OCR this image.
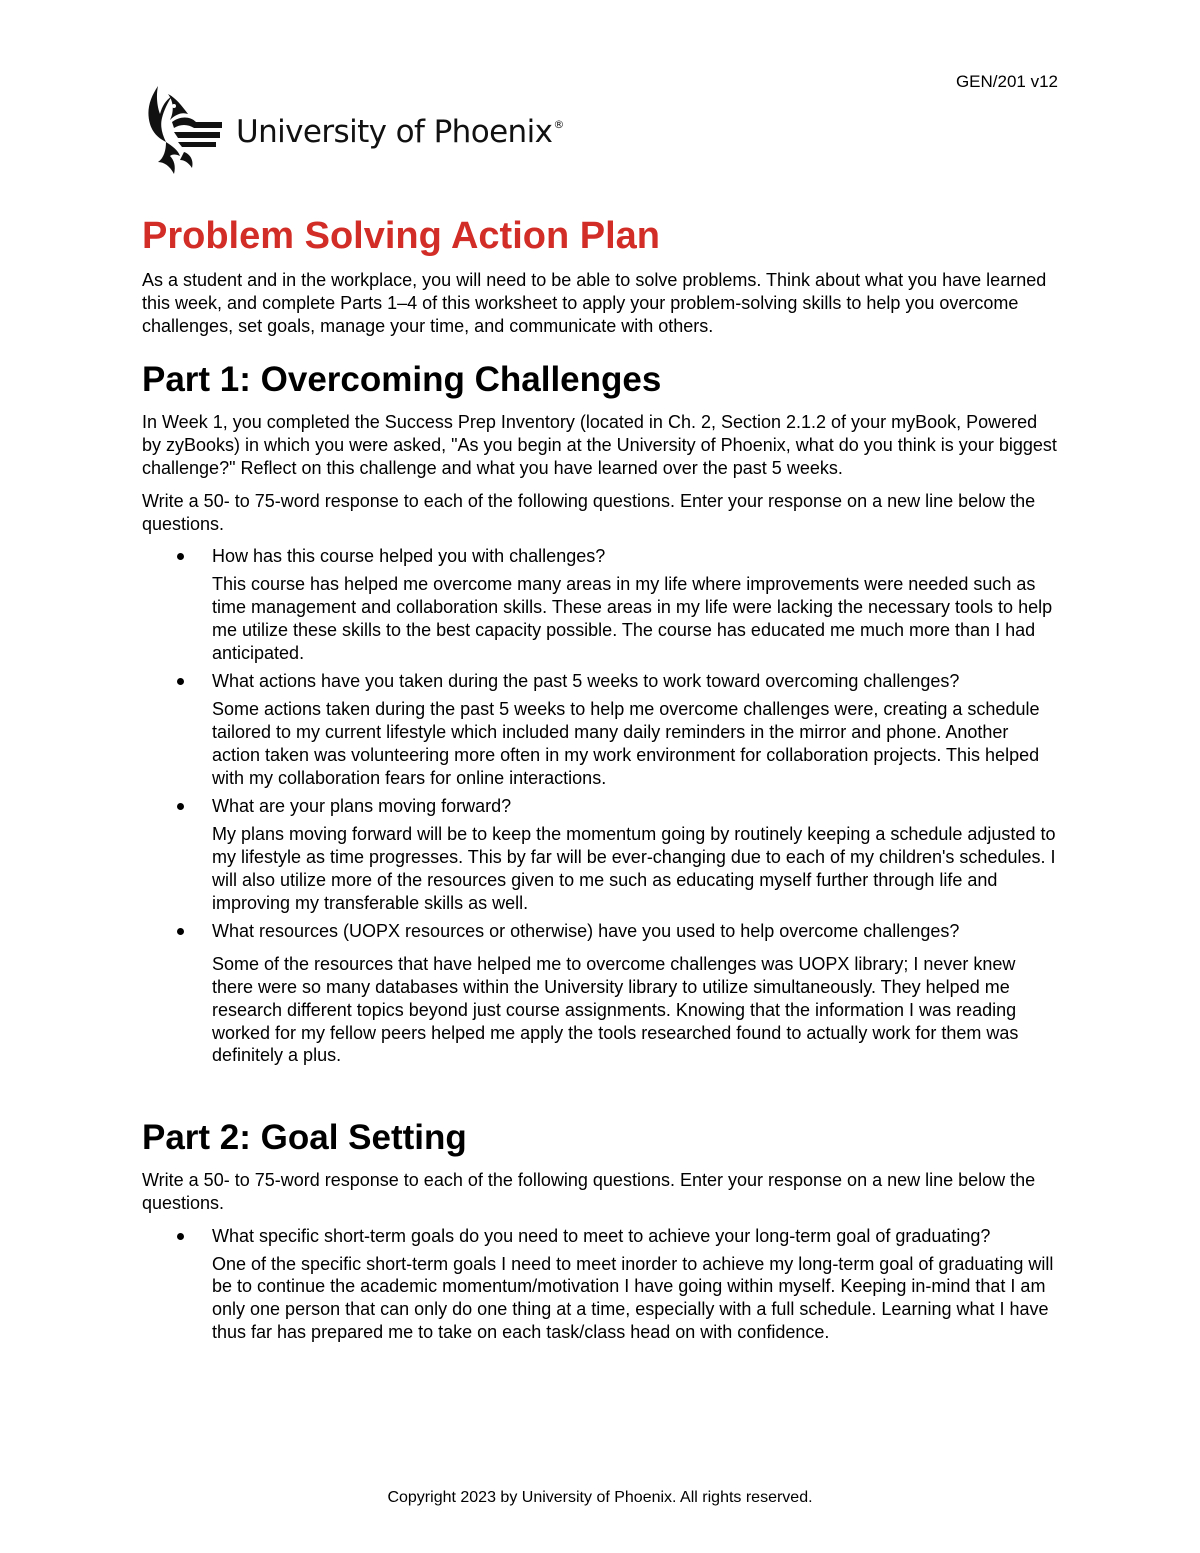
GEN/201 v12
University of Phoenix®
Problem Solving Action Plan

As a student and in the workplace, you will need to be able to solve problems. Think about what you have learned this week, and complete Parts 1–4 of this worksheet to apply your problem-solving skills to help you overcome challenges, set goals, manage your time, and communicate with others.

Part 1: Overcoming Challenges

In Week 1, you completed the Success Prep Inventory (located in Ch. 2, Section 2.1.2 of your myBook, Powered by zyBooks) in which you were asked, "As you begin at the University of Phoenix, what do you think is your biggest challenge?" Reflect on this challenge and what you have learned over the past 5 weeks.

Write a 50- to 75-word response to each of the following questions. Enter your response on a new line below the questions.

How has this course helped you with challenges?
This course has helped me overcome many areas in my life where improvements were needed such as time management and collaboration skills. These areas in my life were lacking the necessary tools to help me utilize these skills to the best capacity possible. The course has educated me much more than I had anticipated.
What actions have you taken during the past 5 weeks to work toward overcoming challenges?
Some actions taken during the past 5 weeks to help me overcome challenges were, creating a schedule tailored to my current lifestyle which included many daily reminders in the mirror and phone. Another action taken was volunteering more often in my work environment for collaboration projects. This helped with my collaboration fears for online interactions.
What are your plans moving forward?
My plans moving forward will be to keep the momentum going by routinely keeping a schedule adjusted to my lifestyle as time progresses. This by far will be ever-changing due to each of my children's schedules. I will also utilize more of the resources given to me such as educating myself further through life and improving my transferable skills as well.
What resources (UOPX resources or otherwise) have you used to help overcome challenges?
Some of the resources that have helped me to overcome challenges was UOPX library; I never knew there were so many databases within the University library to utilize simultaneously. They helped me research different topics beyond just course assignments. Knowing that the information I was reading worked for my fellow peers helped me apply the tools researched found to actually work for them was definitely a plus.
Part 2: Goal Setting

Write a 50- to 75-word response to each of the following questions. Enter your response on a new line below the questions.

What specific short-term goals do you need to meet to achieve your long-term goal of graduating?
One of the specific short-term goals I need to meet inorder to achieve my long-term goal of graduating will be to continue the academic momentum/motivation I have going within myself. Keeping in-mind that I am only one person that can only do one thing at a time, especially with a full schedule. Learning what I have thus far has prepared me to take on each task/class head on with confidence.
Copyright 2023 by University of Phoenix. All rights reserved.
